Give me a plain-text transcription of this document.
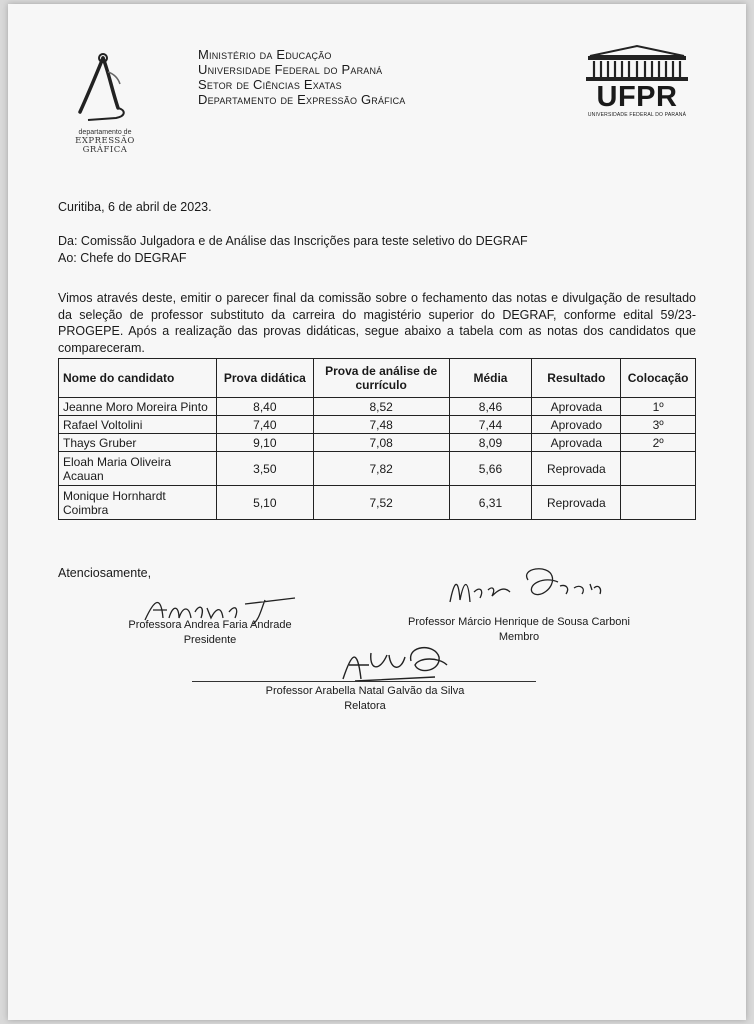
departamento de
EXPRESSÃO
GRÁFICA
Ministério da Educação
Universidade Federal do Paraná
Setor de Ciências Exatas
Departamento de Expressão Gráfica	UFPR
UNIVERSIDADE FEDERAL DO PARANÁ
Curitiba, 6 de abril de 2023.
Da: Comissão Julgadora e de Análise das Inscrições para teste seletivo do DEGRAF
Ao: Chefe do DEGRAF
Vimos através deste, emitir o parecer final da comissão sobre o fechamento das notas e divulgação de resultado da seleção de professor substituto da carreira do magistério superior do DEGRAF, conforme edital 59/23-PROGEPE. Após a realização das provas didáticas, segue abaixo a tabela com as notas dos candidatos que compareceram.
Nome do candidato	Prova didática	Prova de análise de currículo	Média	Resultado	Colocação
Jeanne Moro Moreira Pinto	8,40	8,52	8,46	Aprovada	1º
Rafael Voltolini	7,40	7,48	7,44	Aprovado	3º
Thays Gruber	9,10	7,08	8,09	Aprovada	2º
Eloah Maria Oliveira Acauan	3,50	7,82	5,66	Reprovada	
Monique Hornhardt Coimbra	5,10	7,52	6,31	Reprovada	
Atenciosamente,
Professora Andrea Faria Andrade
Presidente
Professor Márcio Henrique de Sousa Carboni
Membro
Professor Arabella Natal Galvão da Silva
Relatora
